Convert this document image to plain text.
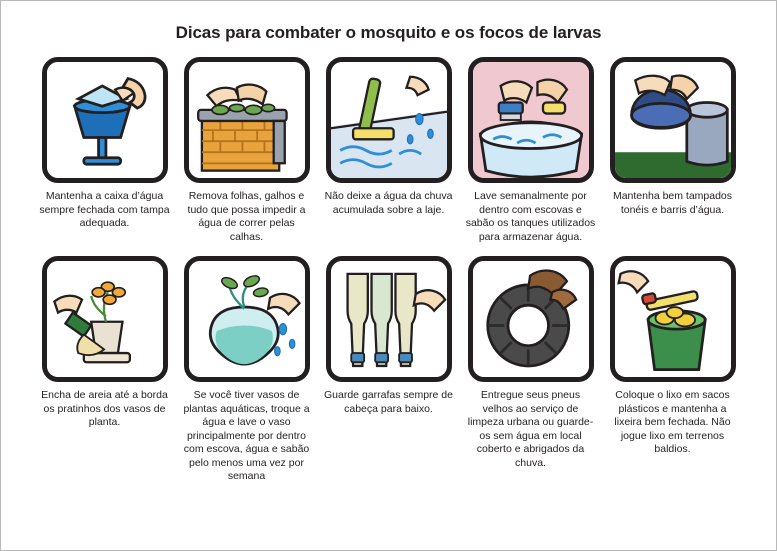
Dicas para combater o mosquito e os focos de larvas
Mantenha a caixa d’água sempre fechada com tampa adequada.
Remova folhas, galhos e tudo que possa impedir a água de correr pelas calhas.
Não deixe a água da chuva acumulada sobre a laje.
Lave semanalmente por dentro com escovas e sabão os tanques utilizados para armazenar água.
Mantenha bem tampados tonéis e barris d’água.
Encha de areia até a borda os pratinhos dos vasos de planta.
Se você tiver vasos de plantas aquáticas, troque a água e lave o vaso principalmente por dentro com escova, água e sabão pelo menos uma vez por semana
Guarde garrafas sempre de cabeça para baixo.
Entregue seus pneus velhos ao serviço de limpeza urbana ou guarde-os sem água em local coberto e abrigados da chuva.
Coloque o lixo em sacos plásticos e mantenha a lixeira bem fechada. Não jogue lixo em terrenos baldios.
